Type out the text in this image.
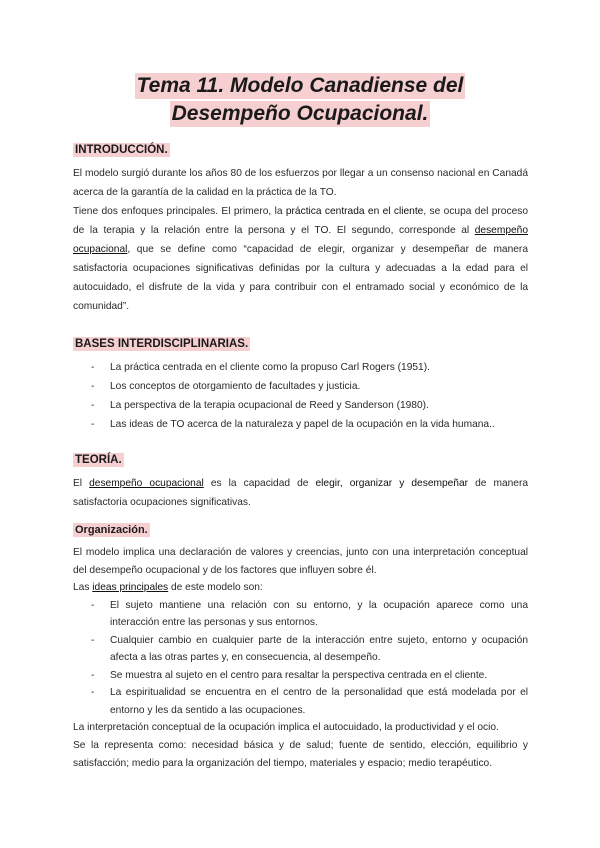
Tema 11. Modelo Canadiense del
Desempeño Ocupacional.
INTRODUCCIÓN.

El modelo surgió durante los años 80 de los esfuerzos por llegar a un consenso nacional en Canadá acerca de la garantía de la calidad en la práctica de la TO.

Tiene dos enfoques principales. El primero, la práctica centrada en el cliente, se ocupa del proceso de la terapia y la relación entre la persona y el TO. El segundo, corresponde al desempeño ocupacional, que se define como “capacidad de elegir, organizar y desempeñar de manera satisfactoria ocupaciones significativas definidas por la cultura y adecuadas a la edad para el autocuidado, el disfrute de la vida y para contribuir con el entramado social y económico de la comunidad”.

BASES INTERDISCIPLINARIAS.
- La práctica centrada en el cliente como la propuso Carl Rogers (1951).
- Los conceptos de otorgamiento de facultades y justicia.
- La perspectiva de la terapia ocupacional de Reed y Sanderson (1980).
- Las ideas de TO acerca de la naturaleza y papel de la ocupación en la vida humana..
TEORÍA.

El desempeño ocupacional es la capacidad de elegir, organizar y desempeñar de manera satisfactoria ocupaciones significativas.

Organización.

El modelo implica una declaración de valores y creencias, junto con una interpretación conceptual del desempeño ocupacional y de los factores que influyen sobre él.

Las ideas principales de este modelo son:

- El sujeto mantiene una relación con su entorno, y la ocupación aparece como una interacción entre las personas y sus entornos.
- Cualquier cambio en cualquier parte de la interacción entre sujeto, entorno y ocupación afecta a las otras partes y, en consecuencia, al desempeño.
- Se muestra al sujeto en el centro para resaltar la perspectiva centrada en el cliente.
- La espiritualidad se encuentra en el centro de la personalidad que está modelada por el entorno y les da sentido a las ocupaciones.

La interpretación conceptual de la ocupación implica el autocuidado, la productividad y el ocio.

Se la representa como: necesidad básica y de salud; fuente de sentido, elección, equilibrio y satisfacción; medio para la organización del tiempo, materiales y espacio; medio terapéutico.
